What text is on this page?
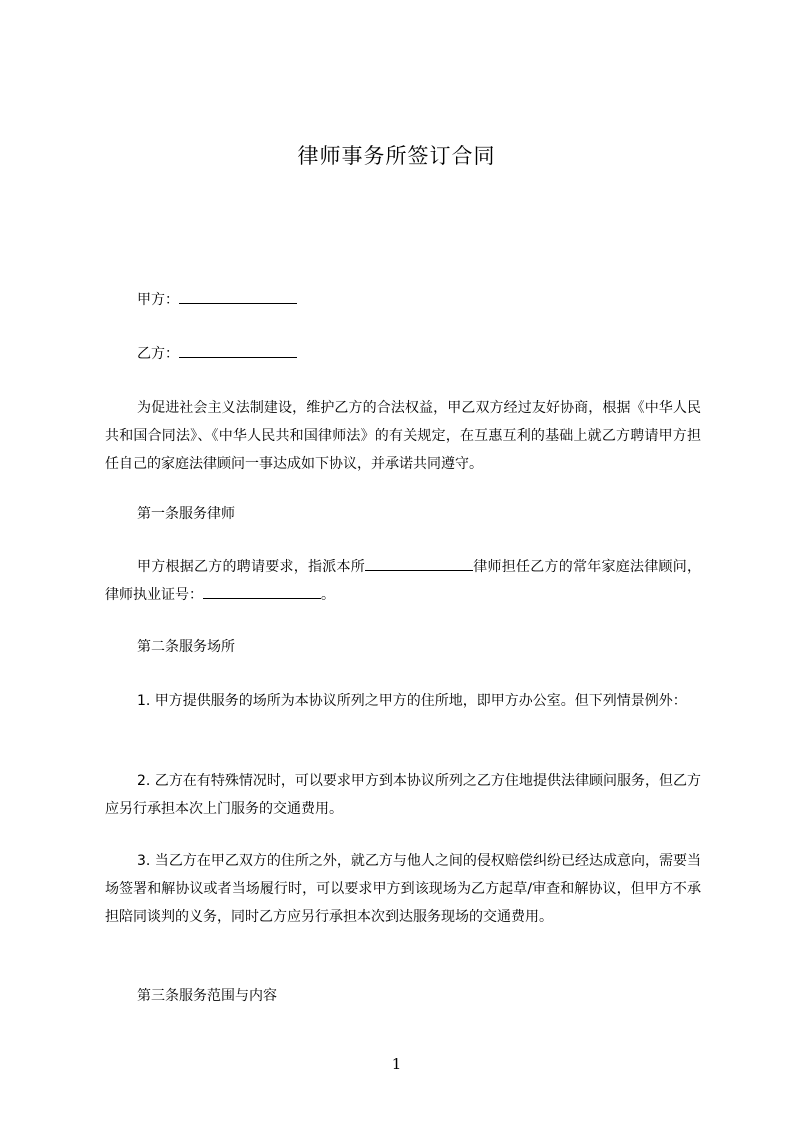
律师事务所签订合同
甲方：
乙方：
为促进社会主义法制建设，维护乙方的合法权益，甲乙双方经过友好协商，根据《中华人民共和国合同法》、《中华人民共和国律师法》的有关规定，在互惠互利的基础上就乙方聘请甲方担任自己的家庭法律顾问一事达成如下协议，并承诺共同遵守。
第一条服务律师
甲方根据乙方的聘请要求，指派本所	律师担任乙方的常年家庭法律顾问，律师执业证号：	。
第二条服务场所
1. 甲方提供服务的场所为本协议所列之甲方的住所地，即甲方办公室。但下列情景例外：
2. 乙方在有特殊情况时，可以要求甲方到本协议所列之乙方住地提供法律顾问服务，但乙方应另行承担本次上门服务的交通费用。
3. 当乙方在甲乙双方的住所之外，就乙方与他人之间的侵权赔偿纠纷已经达成意向，需要当场签署和解协议或者当场履行时，可以要求甲方到该现场为乙方起草/审查和解协议，但甲方不承担陪同谈判的义务，同时乙方应另行承担本次到达服务现场的交通费用。
第三条服务范围与内容
1
